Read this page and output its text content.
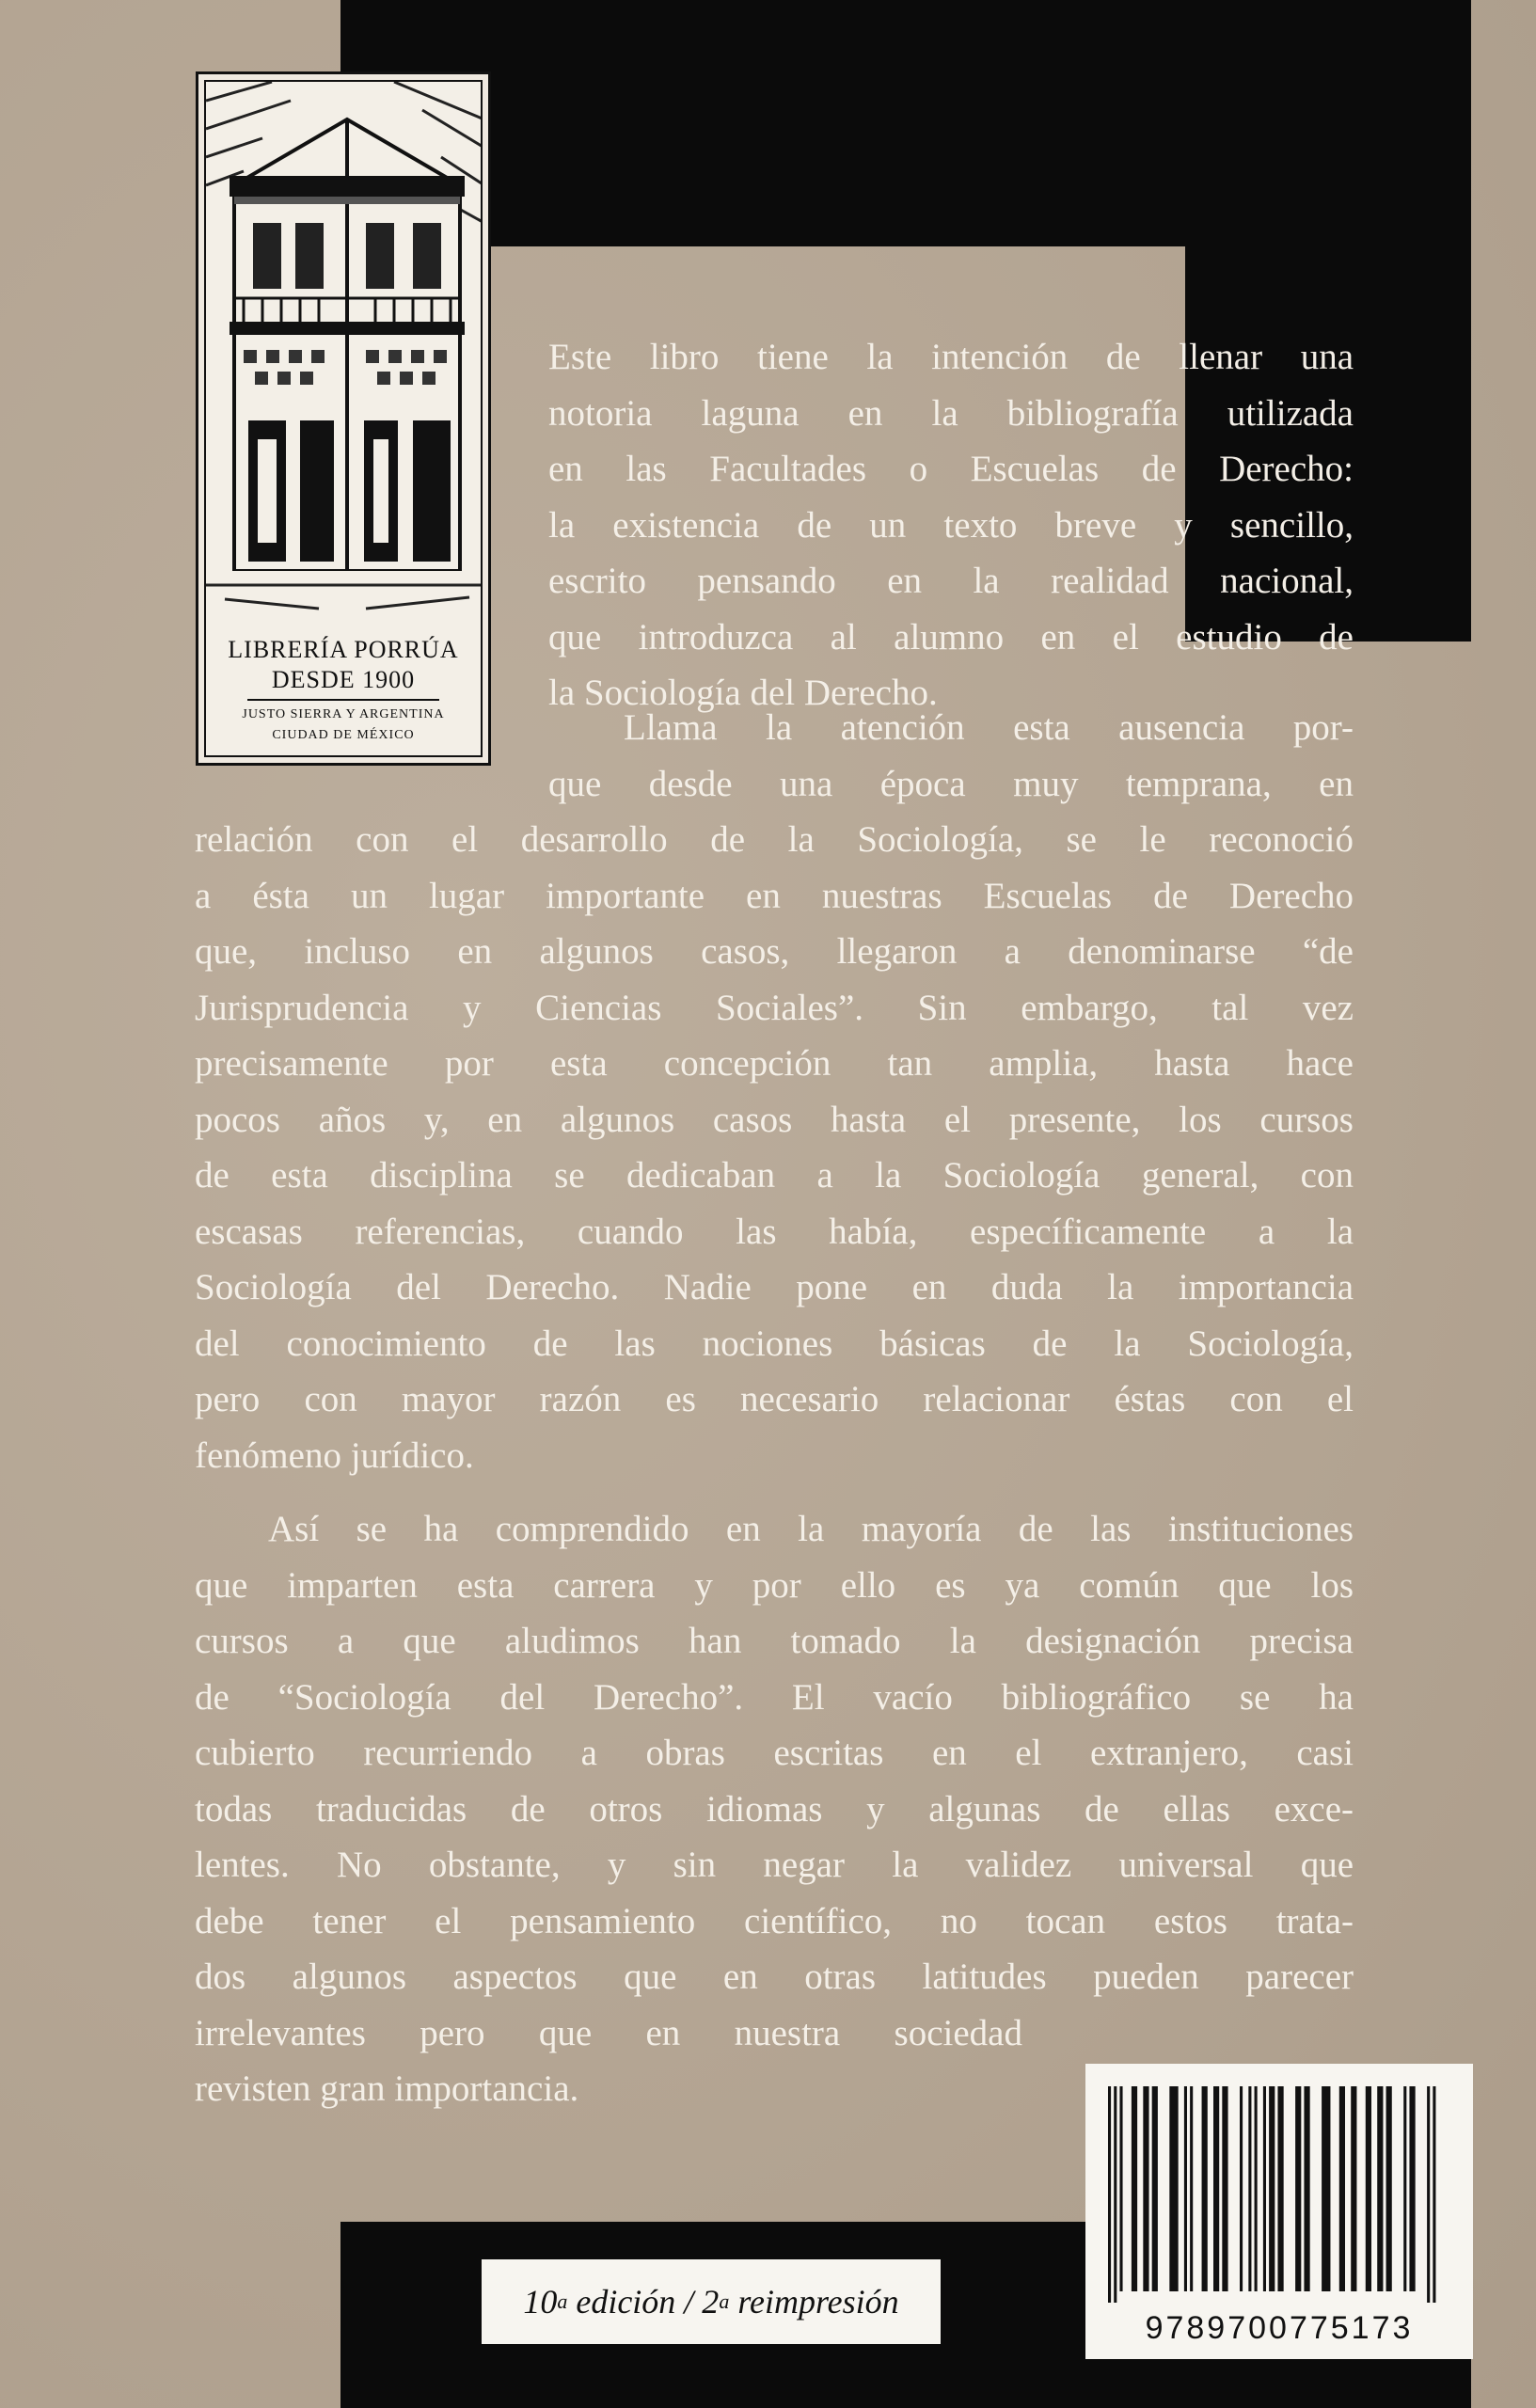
LIBRERÍA PORRÚA
DESDE 1900
JUSTO SIERRA Y ARGENTINA
CIUDAD DE MÉXICO
Este libro tiene la intención de llenar una
notoria laguna en la bibliografía utilizada
en las Facultades o Escuelas de Derecho:
la existencia de un texto breve y sencillo,
escrito pensando en la realidad nacional,
que introduzca al alumno en el estudio de
la Sociología del Derecho.
Llama la atención esta ausencia por-
que desde una época muy temprana, en
relación con el desarrollo de la Sociología, se le reconoció
a ésta un lugar importante en nuestras Escuelas de Derecho
que, incluso en algunos casos, llegaron a denominarse “de
Jurisprudencia y Ciencias Sociales”. Sin embargo, tal vez
precisamente por esta concepción tan amplia, hasta hace
pocos años y, en algunos casos hasta el presente, los cursos
de esta disciplina se dedicaban a la Sociología general, con
escasas referencias, cuando las había, específicamente a la
Sociología del Derecho. Nadie pone en duda la importancia
del conocimiento de las nociones básicas de la Sociología,
pero con mayor razón es necesario relacionar éstas con el
fenómeno jurídico.
Así se ha comprendido en la mayoría de las instituciones
que imparten esta carrera y por ello es ya común que los
cursos a que aludimos han tomado la designación precisa
de “Sociología del Derecho”. El vacío bibliográfico se ha
cubierto recurriendo a obras escritas en el extranjero, casi
todas traducidas de otros idiomas y algunas de ellas exce-
lentes. No obstante, y sin negar la validez universal que
debe tener el pensamiento científico, no tocan estos trata-
dos algunos aspectos que en otras latitudes pueden parecer
irrelevantes pero que en nuestra sociedad
revisten gran importancia.
9789700775173
10 a
edición / 2 a
reimpresión
